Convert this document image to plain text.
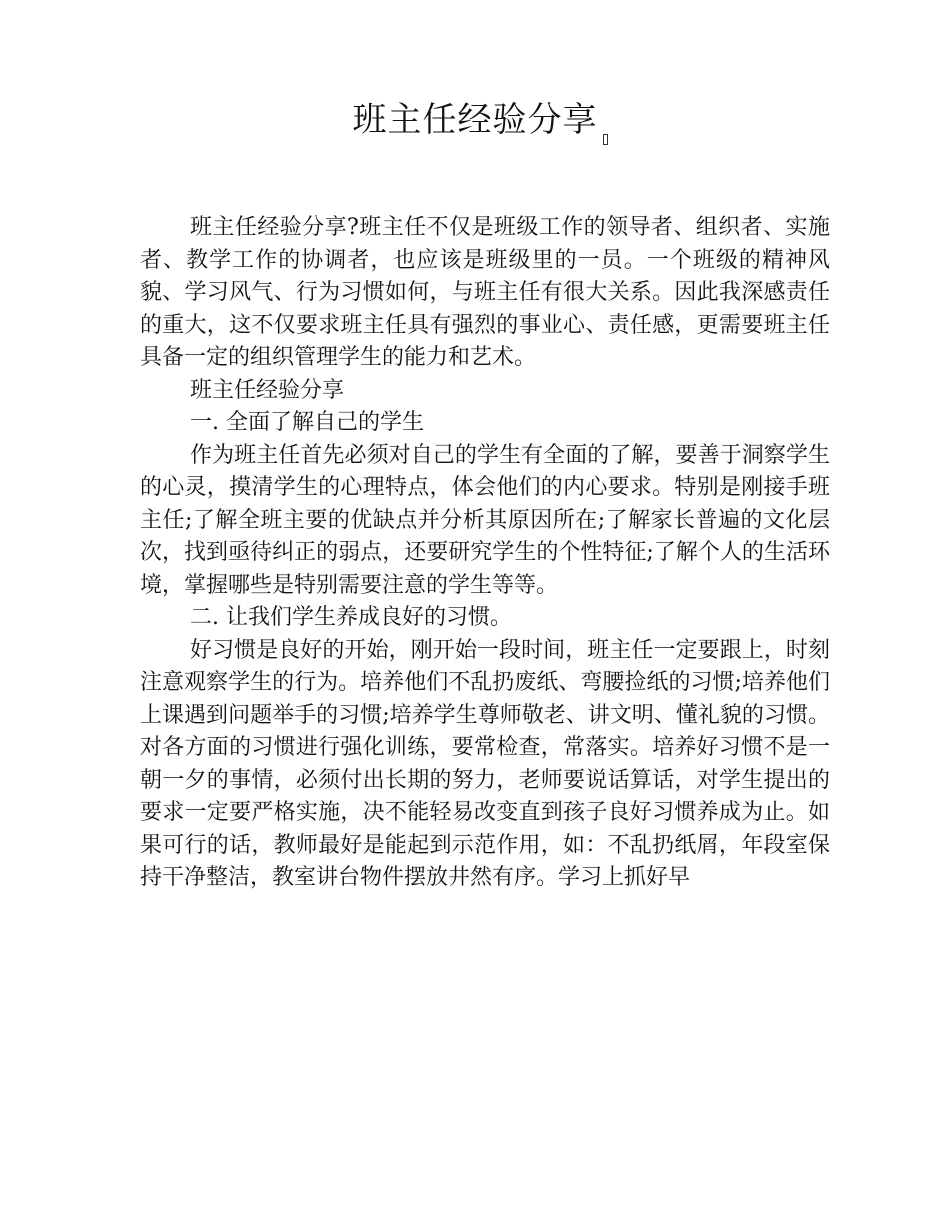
班主任经验分享

班主任经验分享?班主任不仅是班级工作的领导者、组织者、实施者、教学工作的协调者，也应该是班级里的一员。一个班级的精神风貌、学习风气、行为习惯如何，与班主任有很大关系。因此我深感责任的重大，这不仅要求班主任具有强烈的事业心、责任感，更需要班主任具备一定的组织管理学生的能力和艺术。

班主任经验分享

一. 全面了解自己的学生

作为班主任首先必须对自己的学生有全面的了解，要善于洞察学生的心灵，摸清学生的心理特点，体会他们的内心要求。特别是刚接手班主任;了解全班主要的优缺点并分析其原因所在;了解家长普遍的文化层次，找到亟待纠正的弱点，还要研究学生的个性特征;了解个人的生活环境，掌握哪些是特别需要注意的学生等等。

二. 让我们学生养成良好的习惯。

好习惯是良好的开始，刚开始一段时间，班主任一定要跟上，时刻注意观察学生的行为。培养他们不乱扔废纸、弯腰捡纸的习惯;培养他们上课遇到问题举手的习惯;培养学生尊师敬老、讲文明、懂礼貌的习惯。对各方面的习惯进行强化训练，要常检查，常落实。培养好习惯不是一朝一夕的事情，必须付出长期的努力，老师要说话算话，对学生提出的要求一定要严格实施，决不能轻易改变直到孩子良好习惯养成为止。如果可行的话，教师最好是能起到示范作用，如：不乱扔纸屑，年段室保持干净整洁，教室讲台物件摆放井然有序。学习上抓好早
